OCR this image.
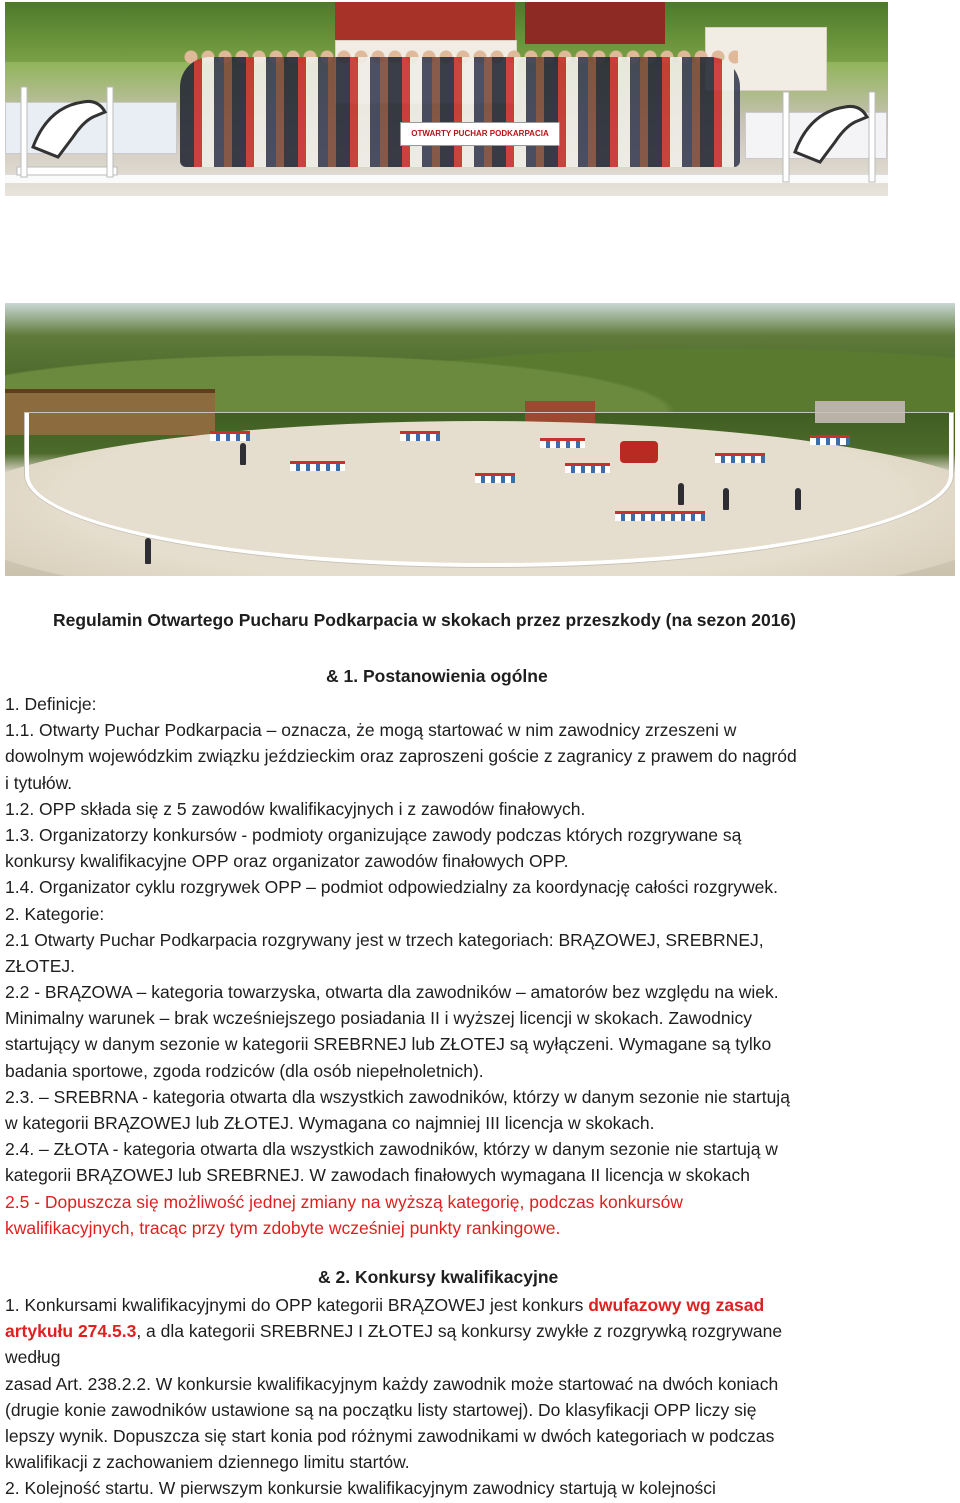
OTWARTY PUCHAR PODKARPACIA
Regulamin Otwartego Pucharu Podkarpacia w skokach przez przeszkody (na sezon 2016)
& 1. Postanowienia ogólne
1. Definicje:
1.1. Otwarty Puchar Podkarpacia – oznacza, że mogą startować w nim zawodnicy zrzeszeni w
dowolnym wojewódzkim związku jeździeckim oraz zaproszeni goście z zagranicy z prawem do nagród
i tytułów.
1.2. OPP składa się z 5 zawodów kwalifikacyjnych i z zawodów finałowych.
1.3. Organizatorzy konkursów - podmioty organizujące zawody podczas których rozgrywane są
konkursy kwalifikacyjne OPP oraz organizator zawodów finałowych OPP.
1.4. Organizator cyklu rozgrywek OPP – podmiot odpowiedzialny za koordynację całości rozgrywek.
2. Kategorie:
2.1 Otwarty Puchar Podkarpacia rozgrywany jest w trzech kategoriach: BRĄZOWEJ, SREBRNEJ,
ZŁOTEJ.
2.2 - BRĄZOWA – kategoria towarzyska, otwarta dla zawodników – amatorów bez względu na wiek.
Minimalny warunek – brak wcześniejszego posiadania II i wyższej licencji w skokach. Zawodnicy
startujący w danym sezonie w kategorii SREBRNEJ lub ZŁOTEJ są wyłączeni. Wymagane są tylko
badania sportowe, zgoda rodziców (dla osób niepełnoletnich).
2.3. – SREBRNA - kategoria otwarta dla wszystkich zawodników, którzy w danym sezonie nie startują
w kategorii BRĄZOWEJ lub ZŁOTEJ. Wymagana co najmniej III licencja w skokach.
2.4. – ZŁOTA - kategoria otwarta dla wszystkich zawodników, którzy w danym sezonie nie startują w
kategorii BRĄZOWEJ lub SREBRNEJ. W zawodach finałowych wymagana II licencja w skokach
2.5 - Dopuszcza się możliwość jednej zmiany na wyższą kategorię, podczas konkursów
kwalifikacyjnych, tracąc przy tym zdobyte wcześniej punkty rankingowe.
& 2. Konkursy kwalifikacyjne
1. Konkursami kwalifikacyjnymi do OPP kategorii BRĄZOWEJ jest konkurs dwufazowy wg zasad
artykułu 274.5.3, a dla kategorii SREBRNEJ I ZŁOTEJ są konkursy zwykłe z rozgrywką rozgrywane
według
zasad Art. 238.2.2. W konkursie kwalifikacyjnym każdy zawodnik może startować na dwóch koniach
(drugie konie zawodników ustawione są na początku listy startowej). Do klasyfikacji OPP liczy się
lepszy wynik. Dopuszcza się start konia pod różnymi zawodnikami w dwóch kategoriach w podczas
kwalifikacji z zachowaniem dziennego limitu startów.
2. Kolejność startu. W pierwszym konkursie kwalifikacyjnym zawodnicy startują w kolejności
